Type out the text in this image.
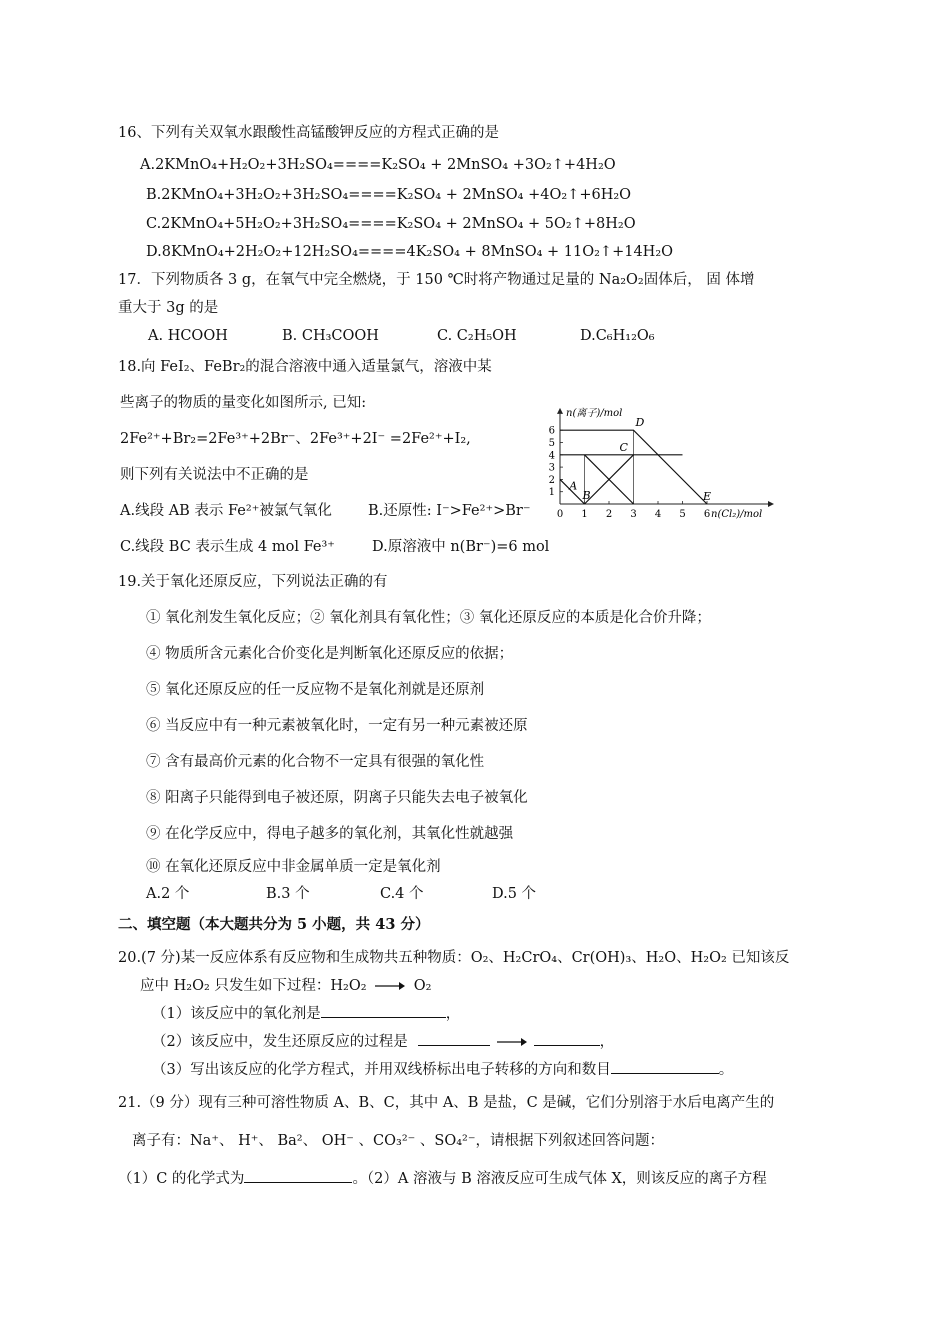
16、下列有关双氧水跟酸性高锰酸钾反应的方程式正确的是
A.2KMnO₄+H₂O₂+3H₂SO₄====K₂SO₄ + 2MnSO₄ +3O₂↑+4H₂O
B.2KMnO₄+3H₂O₂+3H₂SO₄====K₂SO₄ + 2MnSO₄ +4O₂↑+6H₂O
C.2KMnO₄+5H₂O₂+3H₂SO₄====K₂SO₄ + 2MnSO₄ + 5O₂↑+8H₂O
D.8KMnO₄+2H₂O₂+12H₂SO₄====4K₂SO₄ + 8MnSO₄ + 11O₂↑+14H₂O
17．下列物质各 3 g，在氧气中完全燃烧，于 150 ℃时将产物通过足量的 Na₂O₂固体后， 固 体增
重大于 3g 的是
A. HCOOH	B. CH₃COOH	C. C₂H₅OH	D.C₆H₁₂O₆
18.向 FeI₂、FeBr₂的混合溶液中通入适量氯气，溶液中某
些离子的物质的量变化如图所示, 已知:
2Fe²⁺+Br₂=2Fe³⁺+2Br⁻、2Fe³⁺+2I⁻ =2Fe²⁺+I₂,
则下列有关说法中不正确的是
A.线段 AB 表示 Fe²⁺被氯气氧化 B.还原性: I⁻>Fe²⁺>Br⁻
C.线段 BC 表示生成 4 mol Fe³⁺	D.原溶液中 n(Br⁻)=6 mol
n(离子)/mol
n(Cl₂)/mol
0 1 2 3 4 5 6
1
2
3
4
5
6
A
B
C
D
E
19.关于氧化还原反应，下列说法正确的有
① 氧化剂发生氧化反应；② 氧化剂具有氧化性；③ 氧化还原反应的本质是化合价升降；
④ 物质所含元素化合价变化是判断氧化还原反应的依据；
⑤ 氧化还原反应的任一反应物不是氧化剂就是还原剂
⑥ 当反应中有一种元素被氧化时，一定有另一种元素被还原
⑦ 含有最高价元素的化合物不一定具有很强的氧化性
⑧ 阳离子只能得到电子被还原，阴离子只能失去电子被氧化
⑨ 在化学反应中，得电子越多的氧化剂，其氧化性就越强
⑩ 在氧化还原反应中非金属单质一定是氧化剂
A.2 个	B.3 个	C.4 个	D.5 个
二、填空题（本大题共分为 5 小题，共 43 分）
20.(7 分)某一反应体系有反应物和生成物共五种物质：O₂、H₂CrO₄、Cr(OH)₃、H₂O、H₂O₂ 已知该反
应中 H₂O₂ 只发生如下过程：H₂O₂	O₂
（1）该反应中的氧化剂是	，
（2）该反应中，发生还原反应的过程是	，
（3）写出该反应的化学方程式，并用双线桥标出电子转移的方向和数目	。
21.（9 分）现有三种可溶性物质 A、B、C，其中 A、B 是盐，C 是碱，它们分别溶于水后电离产生的
离子有：Na⁺、 H⁺、 Ba²、 OH⁻ 、CO₃²⁻ 、SO₄²⁻，请根据下列叙述回答问题：
（1）C 的化学式为	。（2）A 溶液与 B 溶液反应可生成气体 X，则该反应的离子方程
